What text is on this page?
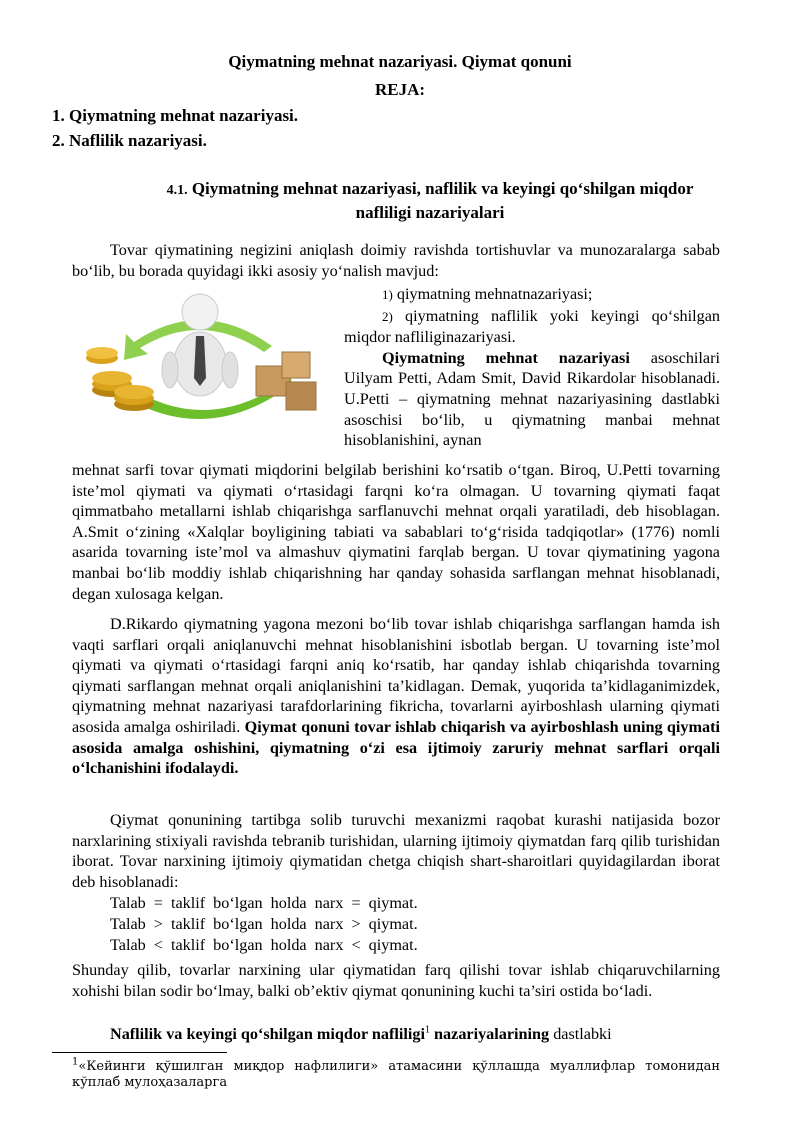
Qiymatning mehnat nazariyasi. Qiymat qonuni
REJA:
1. Qiymatning mehnat nazariyasi.
2. Naflilik nazariyasi.
4.1. Qiymatning mehnat nazariyasi, naflilik va keyingi qo‘shilgan miqdor
nafliligi nazariyalari
Tovar qiymatining negizini aniqlash doimiy ravishda tortishuvlar va munozaralarga sabab bo‘lib, bu borada quyidagi ikki asosiy yo‘nalish mavjud:
1) qiymatning mehnatnazariyasi;
2) qiymatning naflilik yoki keyingi qo‘shilgan miqdor nafliliginazariyasi.
Qiymatning mehnat nazariyasi asoschilari Uilyam Petti, Adam Smit, David Rikardolar hisoblanadi. U.Petti – qiymatning mehnat nazariyasining dastlabki asoschisi bo‘lib, u qiymatning manbai mehnat hisoblanishini, aynan
mehnat sarfi tovar qiymati miqdorini belgilab berishini ko‘rsatib o‘tgan. Biroq, U.Petti tovarning iste’mol qiymati va qiymati o‘rtasidagi farqni ko‘ra olmagan. U tovarning qiymati faqat qimmatbaho metallarni ishlab chiqarishga sarflanuvchi mehnat orqali yaratiladi, deb hisoblagan. A.Smit o‘zining «Xalqlar boyligining tabiati va sabablari to‘g‘risida tadqiqotlar» (1776) nomli asarida tovarning iste’mol va almashuv qiymatini farqlab bergan. U tovar qiymatining yagona manbai bo‘lib moddiy ishlab chiqarishning har qanday sohasida sarflangan mehnat hisoblanadi, degan xulosaga kelgan.
D.Rikardo qiymatning yagona mezoni bo‘lib tovar ishlab chiqarishga sarflangan hamda ish vaqti sarflari orqali aniqlanuvchi mehnat hisoblanishini isbotlab bergan. U tovarning iste’mol qiymati va qiymati o‘rtasidagi farqni aniq ko‘rsatib, har qanday ishlab chiqarishda tovarning qiymati sarflangan mehnat orqali aniqlanishini ta’kidlagan. Demak, yuqorida ta’kidlaganimizdek, qiymatning mehnat nazariyasi tarafdorlarining fikricha, tovarlarni ayirboshlash ularning qiymati asosida amalga oshiriladi. Qiymat qonuni tovar ishlab chiqarish va ayirboshlash uning qiymati asosida amalga oshishini, qiymatning o‘zi esa ijtimoiy zaruriy mehnat sarflari orqali o‘lchanishini ifodalaydi.
Qiymat qonunining tartibga solib turuvchi mexanizmi raqobat kurashi natijasida bozor narxlarining stixiyali ravishda tebranib turishidan, ularning ijtimoiy qiymatdan farq qilib turishidan iborat. Tovar narxining ijtimoiy qiymatidan chetga chiqish shart-sharoitlari quyidagilardan iborat deb hisoblanadi:
Talab = taklif bo‘lgan holda narx = qiymat.
Talab > taklif bo‘lgan holda narx > qiymat.
Talab < taklif bo‘lgan holda narx < qiymat.
Shunday qilib, tovarlar narxining ular qiymatidan farq qilishi tovar ishlab chiqaruvchilarning xohishi bilan sodir bo‘lmay, balki ob’ektiv qiymat qonunining kuchi ta’siri ostida bo‘ladi.
Naflilik va keyingi qo‘shilgan miqdor nafliligi$^1$ nazariyalarining dastlabki
$^1$«Кейинги қўшилган миқдор нафлилиги» атамасини қўллашда муаллифлар томонидан кўплаб мулоҳазаларга
